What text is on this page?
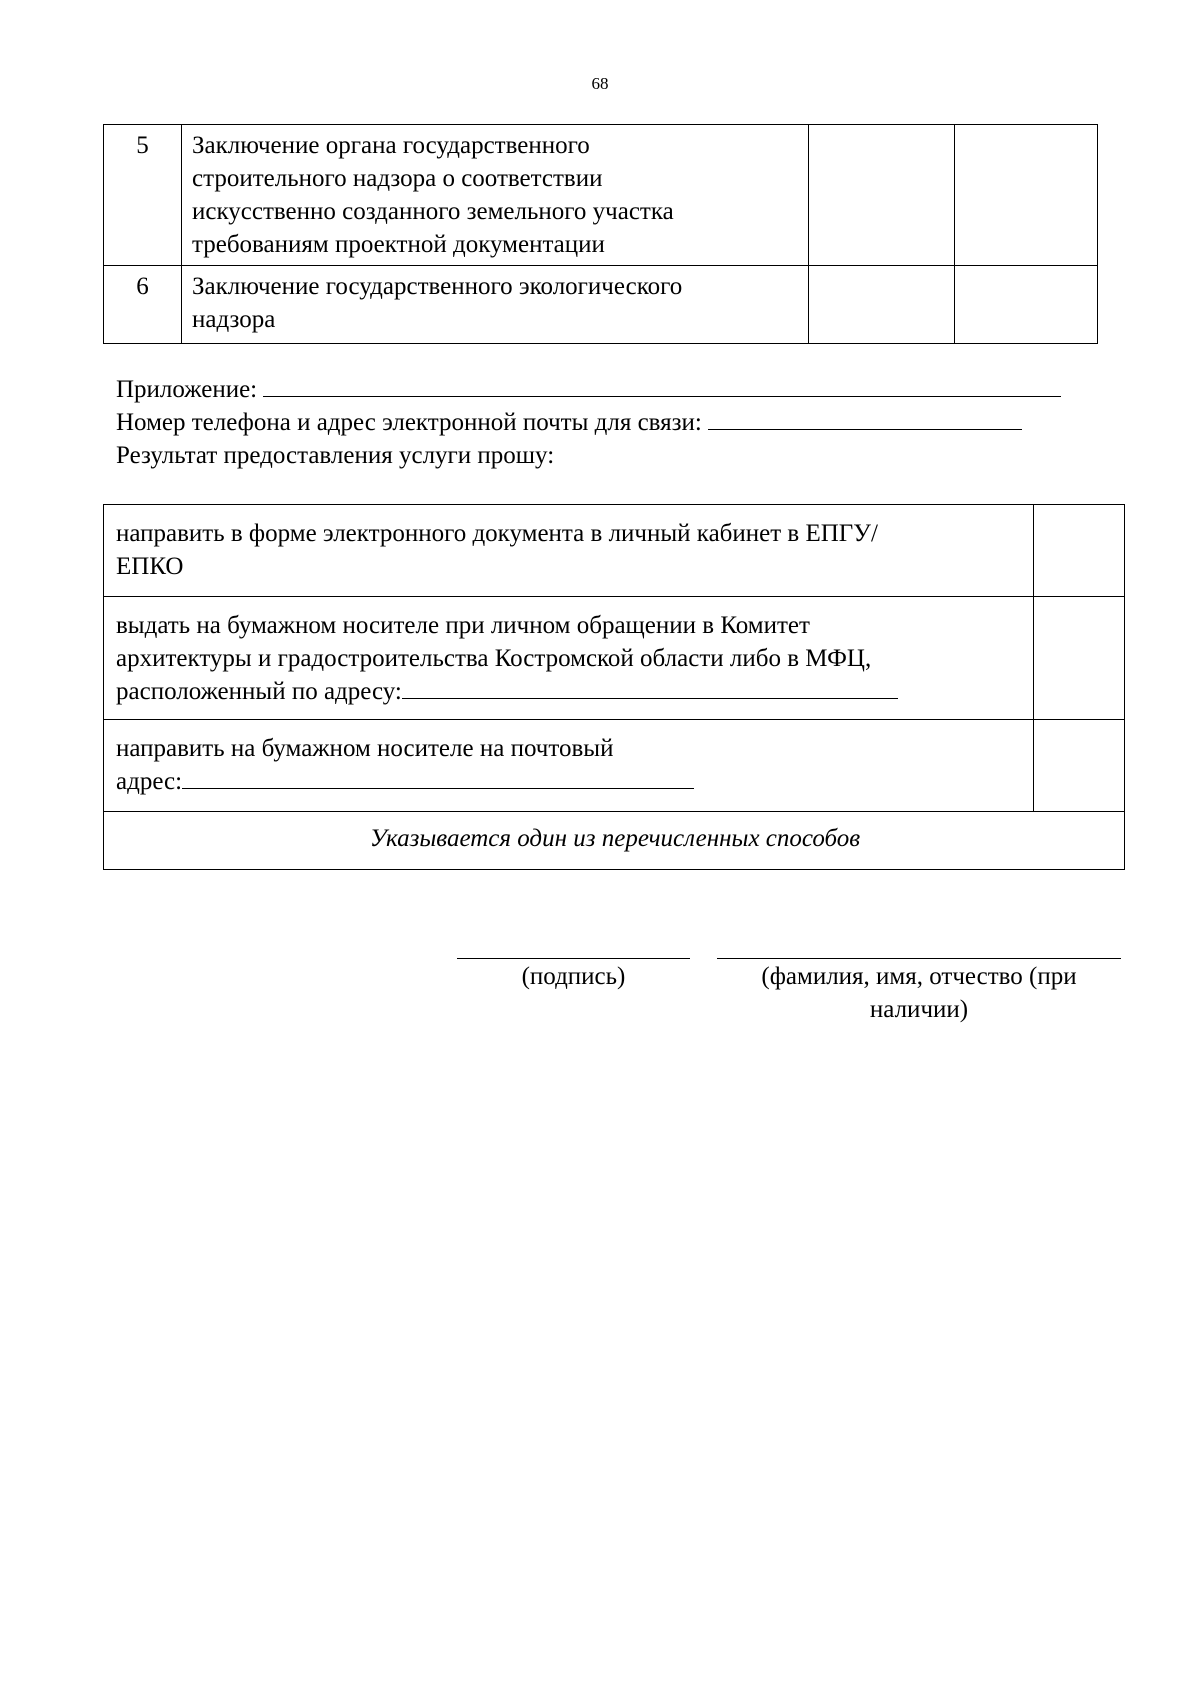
68
5	Заключение органа государственного
строительного надзора о соответствии
искусственно созданного земельного участка
требованиям проектной документации		

6	Заключение государственного экологического
надзора		

Приложение:
Номер телефона и адрес электронной почты для связи:
Результат предоставления услуги прошу:
направить в форме электронного документа в личный кабинет в ЕПГУ/
ЕПКО	

выдать на бумажном носителе при личном обращении в Комитет
архитектуры и градостроительства Костромской области либо в МФЦ,
расположенный по адресу:	

направить на бумажном носителе на почтовый
адрес:	

Указывается один из перечисленных способов	
(подпись)	(фамилия, имя, отчество (при
наличии)
